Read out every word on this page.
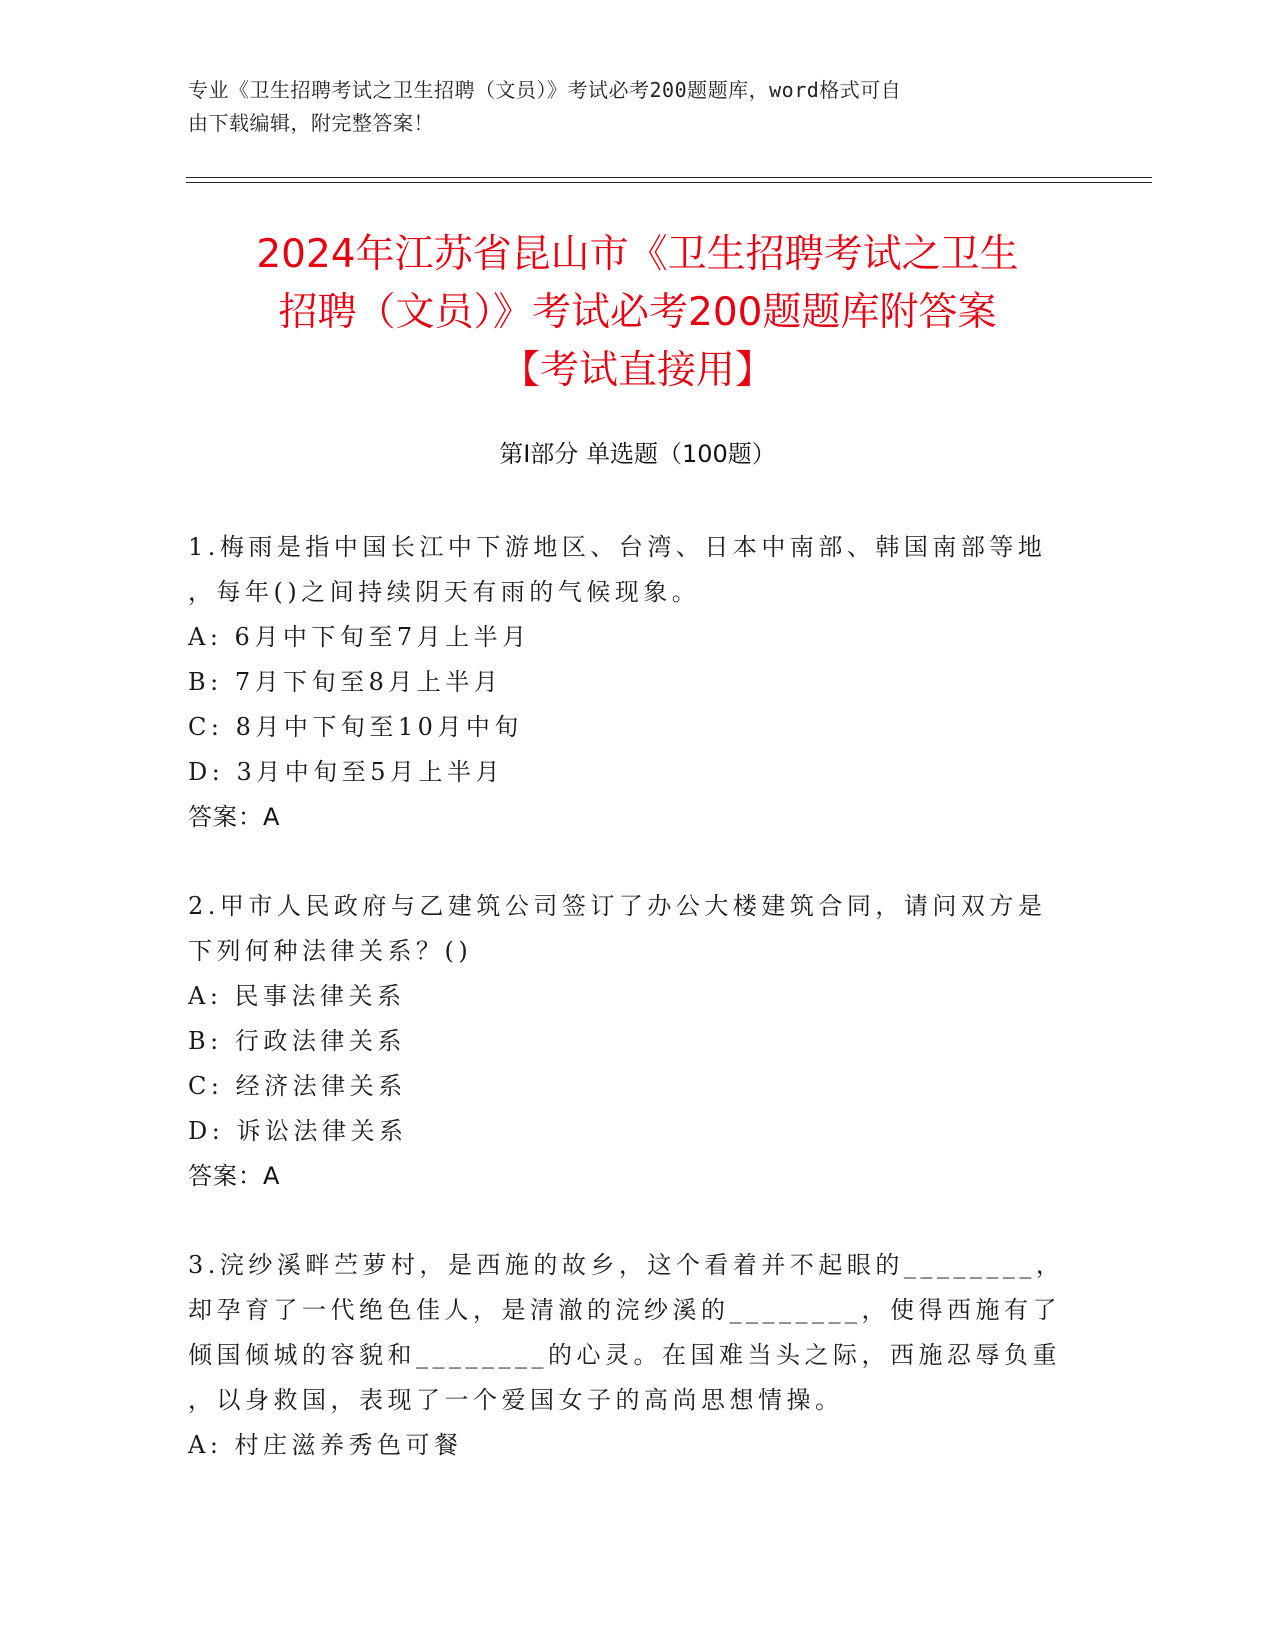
专业《卫生招聘考试之卫生招聘（文员）》考试必考200题题库，word格式可自
由下载编辑，附完整答案！
2024年江苏省昆山市《卫生招聘考试之卫生
招聘（文员）》考试必考200题题库附答案
【考试直接用】
第Ⅰ部分 单选题（100题）
1.梅雨是指中国长江中下游地区、台湾、日本中南部、韩国南部等地
，每年()之间持续阴天有雨的气候现象。
A: 6月中下旬至7月上半月
B: 7月下旬至8月上半月
C: 8月中下旬至10月中旬
D: 3月中旬至5月上半月
答案：A
2.甲市人民政府与乙建筑公司签订了办公大楼建筑合同，请问双方是
下列何种法律关系？()
A: 民事法律关系
B: 行政法律关系
C: 经济法律关系
D: 诉讼法律关系
答案：A
3.浣纱溪畔苎萝村，是西施的故乡，这个看着并不起眼的________，
却孕育了一代绝色佳人，是清澈的浣纱溪的________，使得西施有了
倾国倾城的容貌和________的心灵。在国难当头之际，西施忍辱负重
，以身救国，表现了一个爱国女子的高尚思想情操。
A: 村庄滋养秀色可餐
